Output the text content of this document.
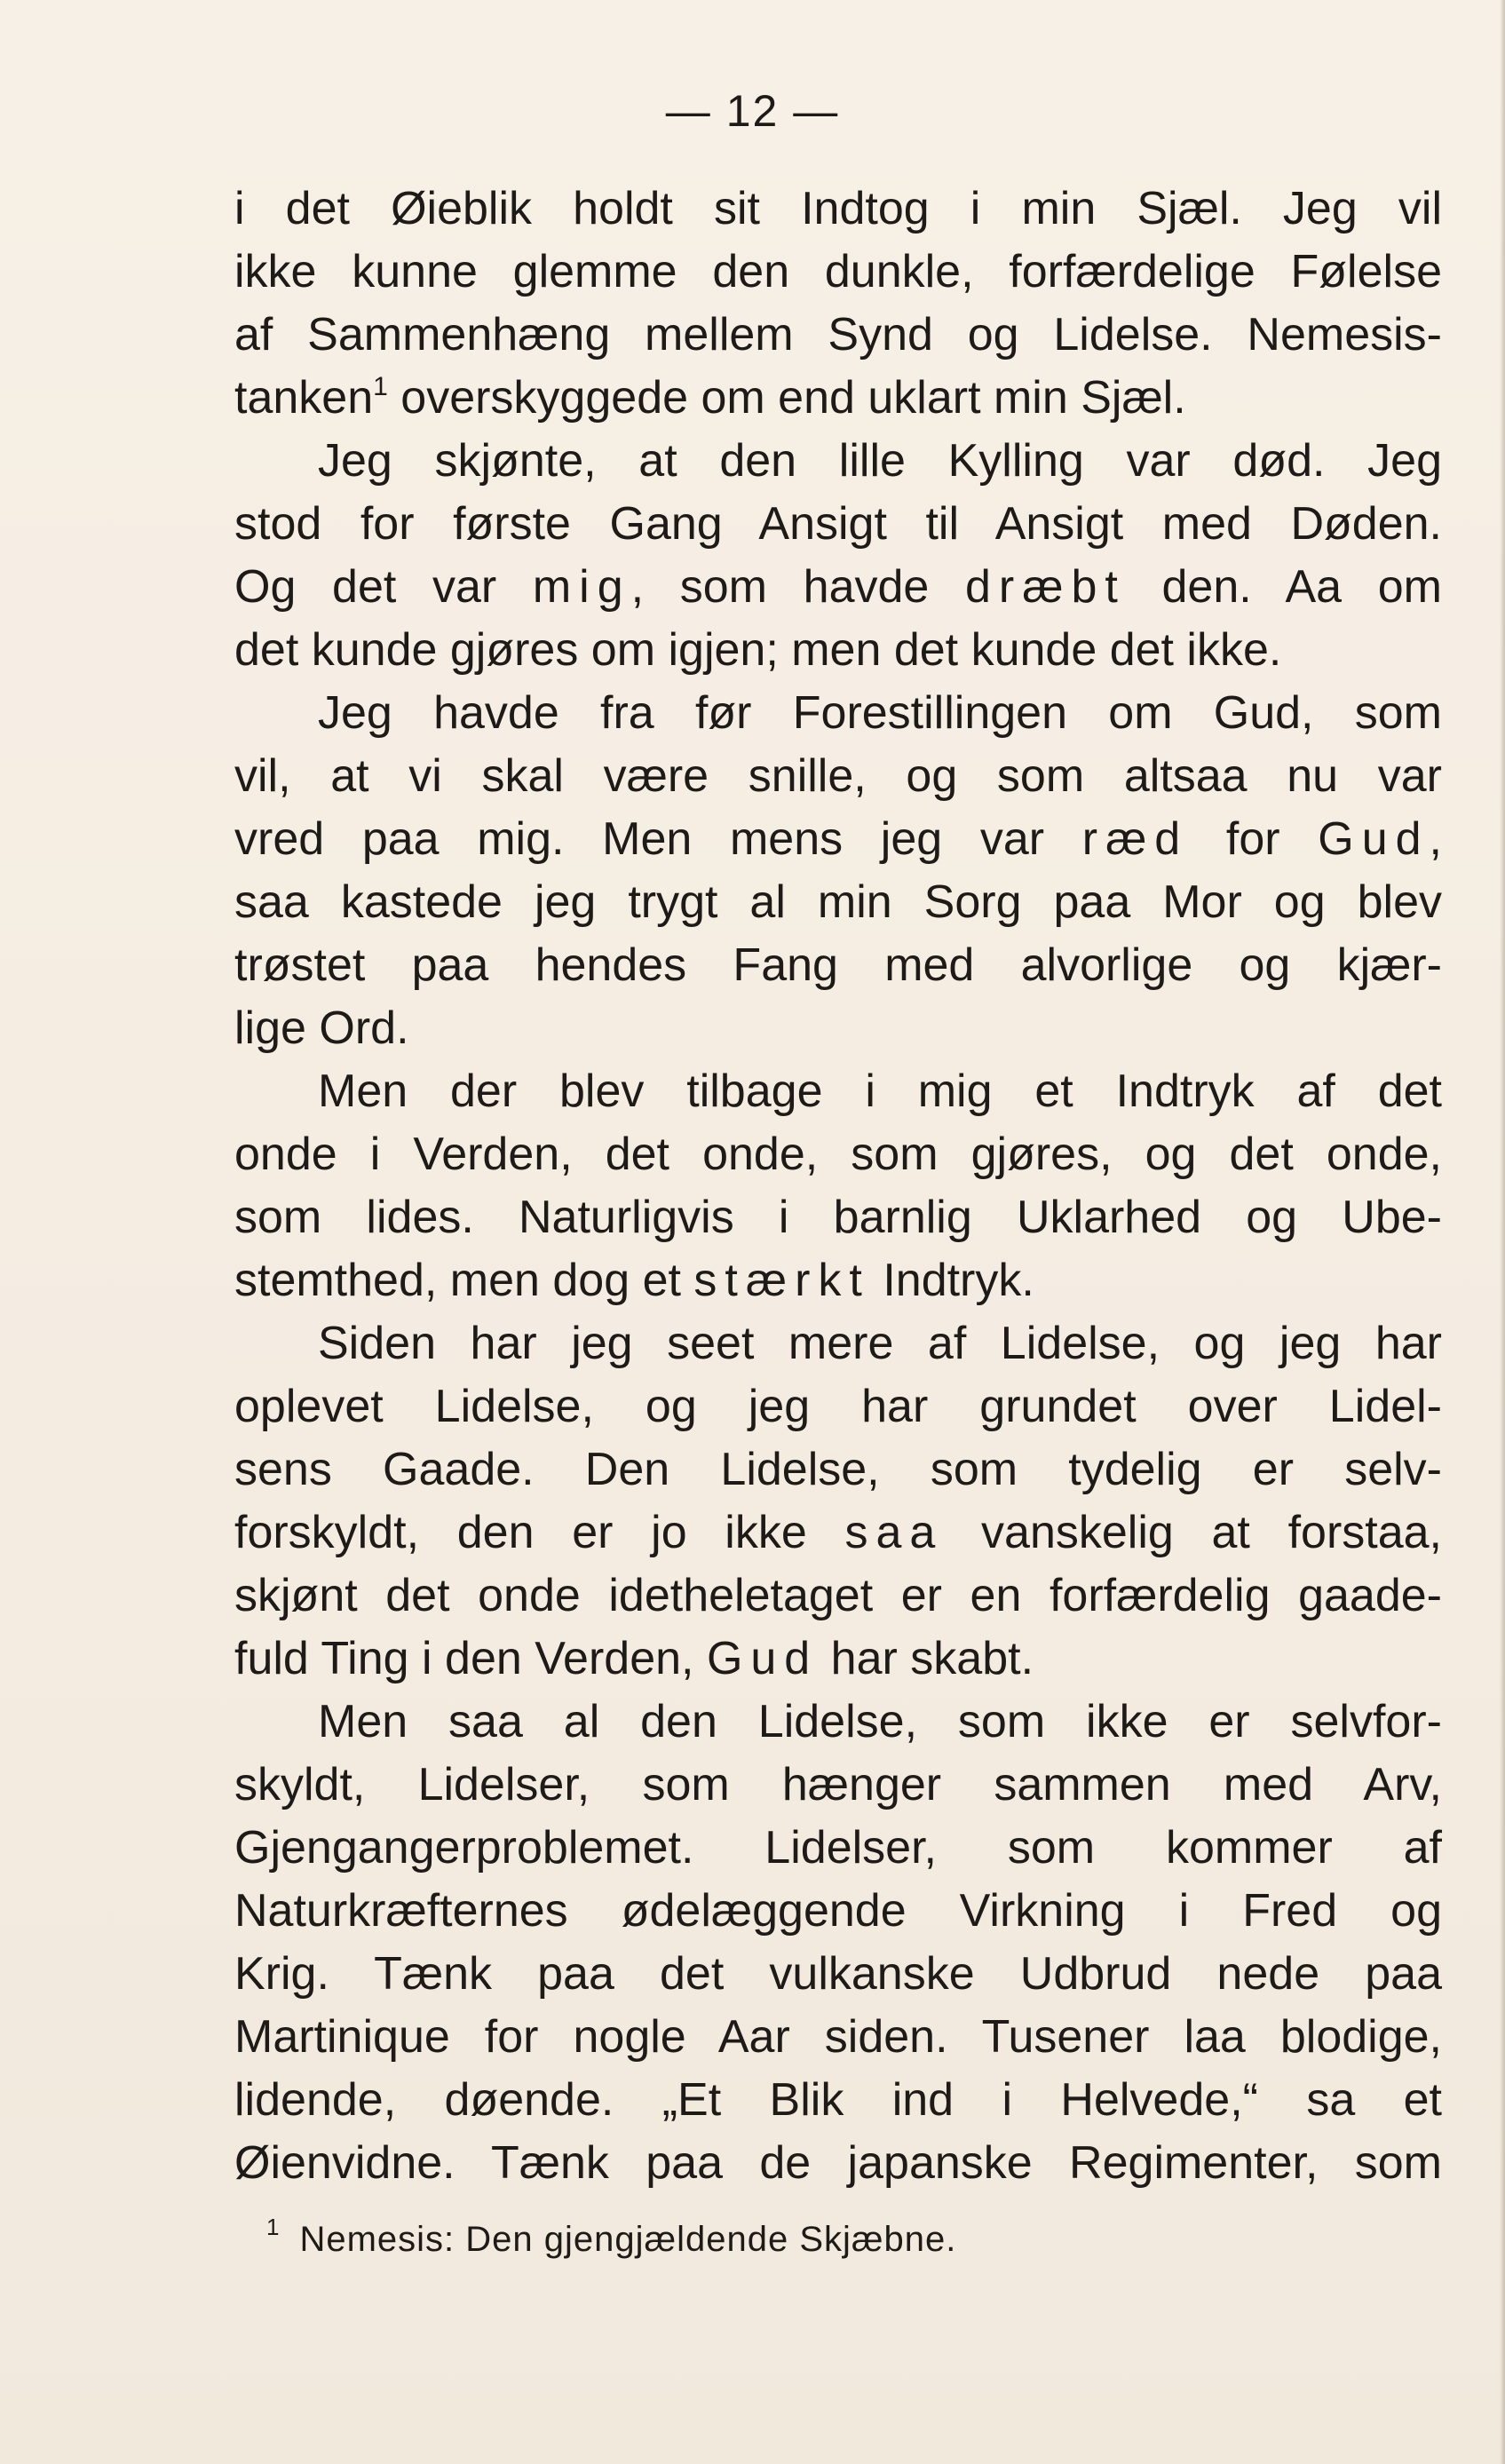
— 12 —
i det Øieblik holdt sit Indtog i min Sjæl. Jeg vil
ikke kunne glemme den dunkle, forfærdelige Følelse
af Sammenhæng mellem Synd og Lidelse. Nemesis-
tanken$^1$ overskyggede om end uklart min Sjæl.
Jeg skjønte, at den lille Kylling var død. Jeg
stod for første Gang Ansigt til Ansigt med Døden.
Og det var mig, som havde dræbt den. Aa om
det kunde gjøres om igjen; men det kunde det ikke.
Jeg havde fra før Forestillingen om Gud, som
vil, at vi skal være snille, og som altsaa nu var
vred paa mig. Men mens jeg var ræd for Gud,
saa kastede jeg trygt al min Sorg paa Mor og blev
trøstet paa hendes Fang med alvorlige og kjær-
lige Ord.
Men der blev tilbage i mig et Indtryk af det
onde i Verden, det onde, som gjøres, og det onde,
som lides. Naturligvis i barnlig Uklarhed og Ube-
stemthed, men dog et stærkt Indtryk.
Siden har jeg seet mere af Lidelse, og jeg har
oplevet Lidelse, og jeg har grundet over Lidel-
sens Gaade. Den Lidelse, som tydelig er selv-
forskyldt, den er jo ikke saa vanskelig at forstaa,
skjønt det onde idetheletaget er en forfærdelig gaade-
fuld Ting i den Verden, Gud har skabt.
Men saa al den Lidelse, som ikke er selvfor-
skyldt, Lidelser, som hænger sammen med Arv,
Gjengangerproblemet. Lidelser, som kommer af
Naturkræfternes ødelæggende Virkning i Fred og
Krig. Tænk paa det vulkanske Udbrud nede paa
Martinique for nogle Aar siden. Tusener laa blodige,
lidende, døende. „Et Blik ind i Helvede,“ sa et
Øienvidne. Tænk paa de japanske Regimenter, som
$^1$ Nemesis: Den gjengjældende Skjæbne.
